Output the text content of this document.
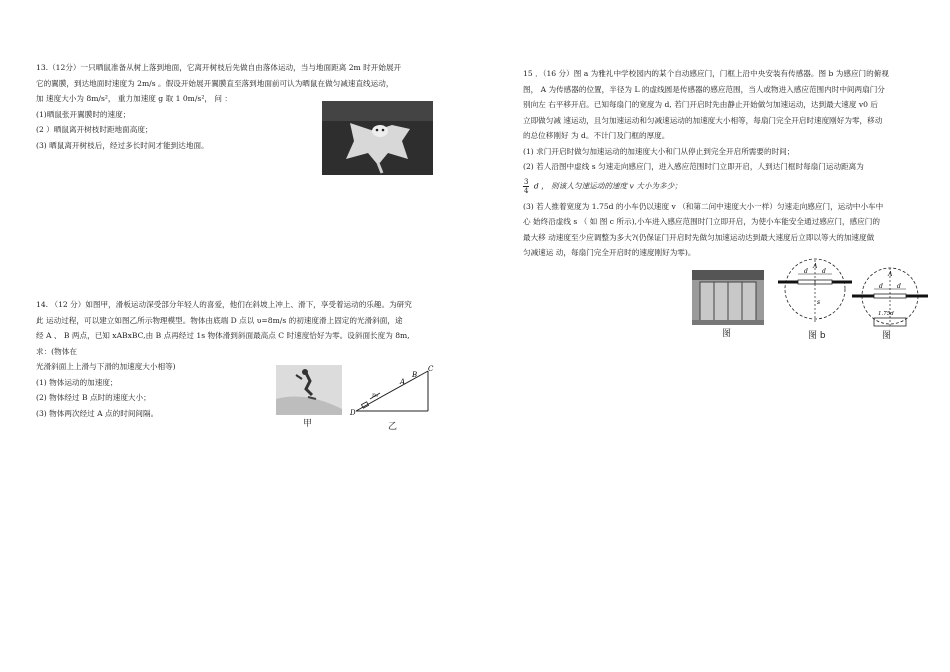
13.（12分）一只晒鼠准备从树上落到地面，它离开树枝后先做自由落体运动，当与地面距离 2m 时开始展开

它的翼膜，到达地面时速度为 2m/s 。假设开始展开翼膜直至落到地面前可认为晒鼠在做匀减速直线运动，

加 速度大小为 8m/s²， 重力加速度 g 取 1 0m/s²， 问 ：

(1)晒鼠张开翼膜时的速度；

(2 ）晒鼠离开树枝时距地面高度；

(3) 晒鼠离开树枝后，经过多长时间才能到达地面。

14. （12 分）如图甲，滑板运动深受部分年轻人的喜爱，他们在斜坡上冲上、滑下，享受着运动的乐趣。为研究

此 运动过程，可以建立如图乙所示物理模型。物体由底端 D 点以 υ=8m/s 的初速度滑上固定的光滑斜面，途

经 A 、 B 两点，已知 xABxBC,由 B 点再经过 1s 物体滑到斜面最高点 C 时速度恰好为零。设斜面长度为 8m,

求：(物体在

光滑斜面上上滑与下滑的加速度大小相等)

(1) 物体运动的加速度；

(2) 物体经过 B 点时的速度大小；

(3) 物体两次经过 A 点的时间间隔。

甲
C
B
A
D
υ₀
乙

15 ．（16 分）图 a 为雅礼中学校园内的某个自动感应门，门框上沿中央安装有传感器。图 b 为感应门的俯视

图， A 为传感器的位置，半径为 L 的虚线圆是传感器的感应范围，当人或物进入感应范围内时中间两扇门分

别向左 右平移开启。已知每扇门的宽度为 d, 若门开启时先由静止开始做匀加速运动，达到最大速度 v0 后

立即做匀减 速运动，且匀加速运动和匀减速运动的加速度大小相等，每扇门完全开启时速度刚好为零，移动

的总位移刚好 为 d。不计门及门框的厚度。

(1) 求门开启时做匀加速运动的加速度大小和门从停止到完全开启所需要的时间；

(2) 若人沿图中虚线 s 匀速走向感应门，进入感应范围时门立即开启，人到达门框时每扇门运动距离为

$\frac{3}{4}$ d ， 则该人匀速运动的速度 v 大小为多少；

(3) 若人推着宽度为 1.75d 的小车仍以速度 v （和第二问中速度大小一样）匀速走向感应门，运动中小车中

心 始终沿虚线 s （ 如 图 c 所示),小车进入感应范围时门立即开启，为使小车能安全通过感应门，感应门的

最大移 动速度至少应调整为多大?(仍保证门开启时先做匀加速运动达到最大速度后立即以等大的加速度做

匀减速运 动，每扇门完全开启时的速度刚好为零)。

图
A
d d
s
图 b
A
d d
1.75d
图
